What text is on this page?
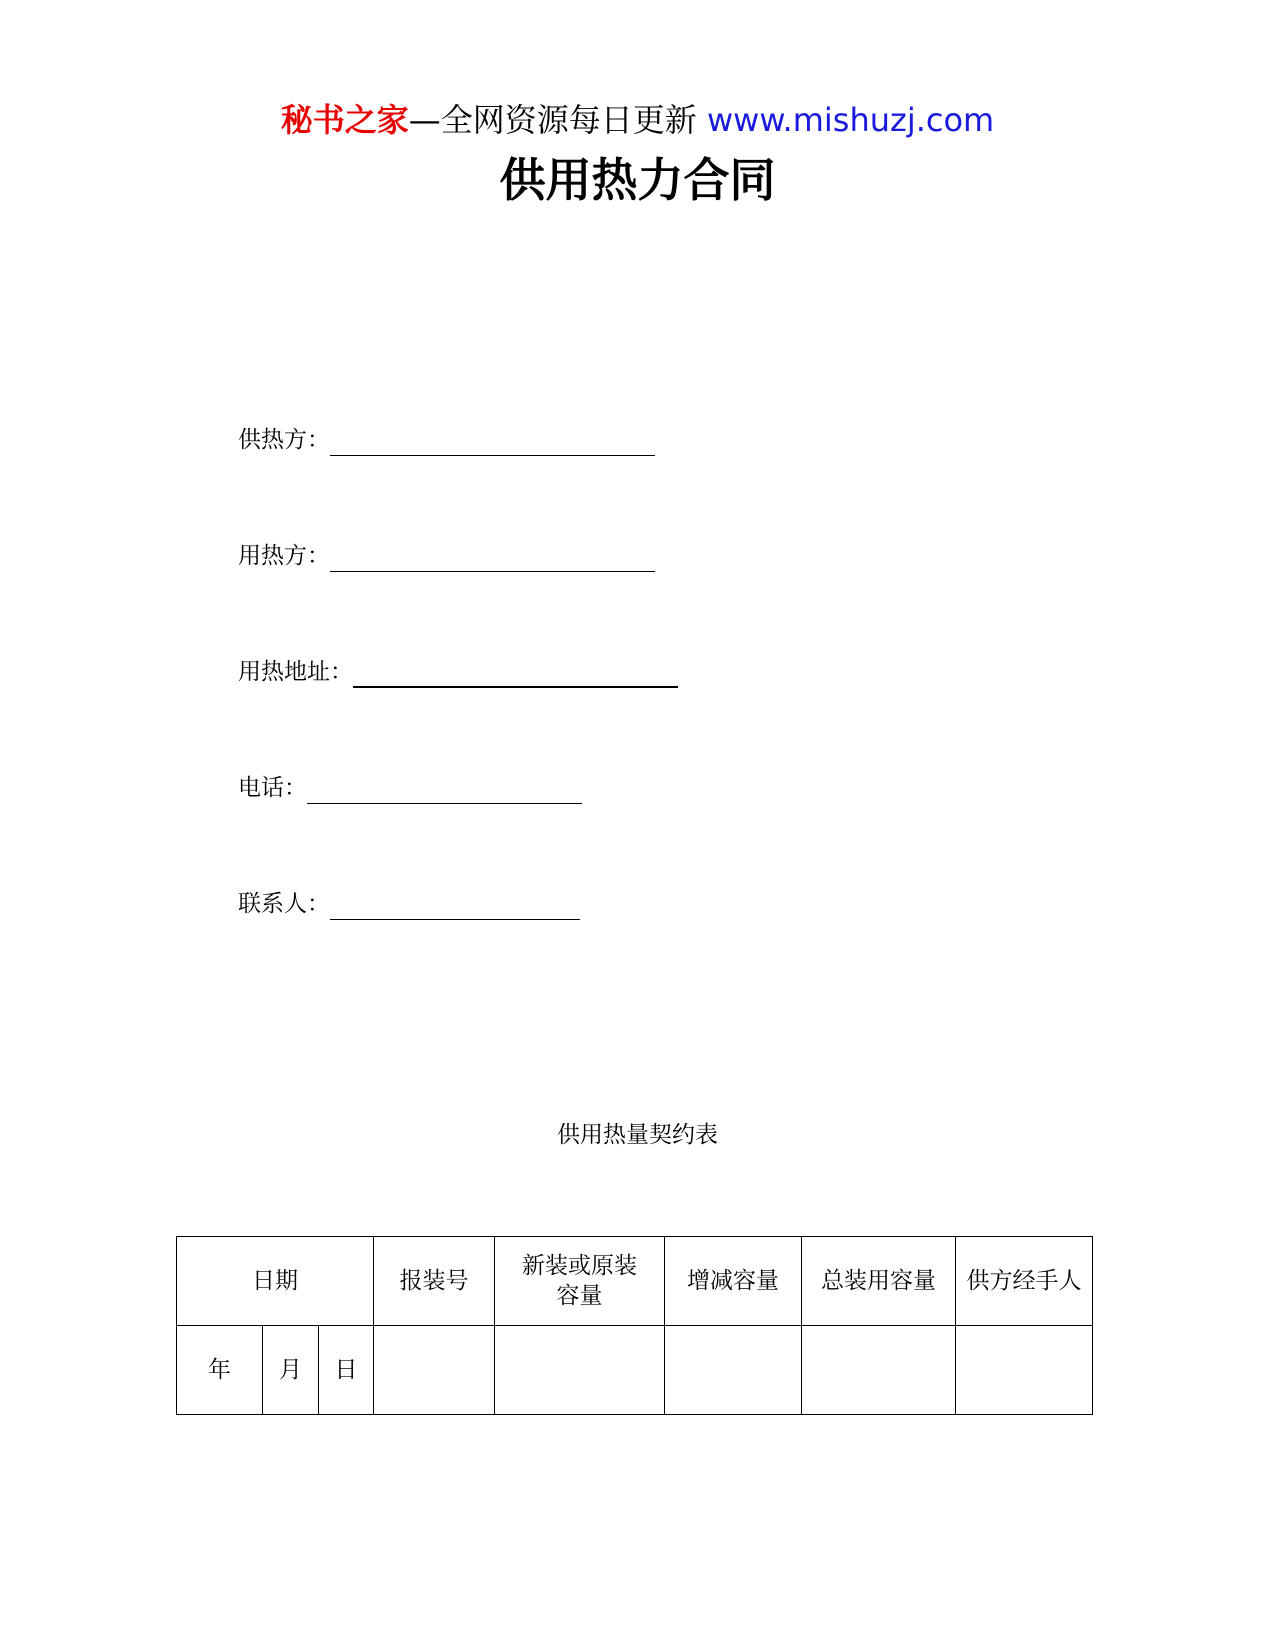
秘书之家—全网资源每日更新 www.mishuzj.com
供用热力合同
供热方：
用热方：
用热地址：
电话：
联系人：
供用热量契约表
日期			报装号	新装或原装容量	增减容量	总装用容量	供方经手人
年	月	日					
